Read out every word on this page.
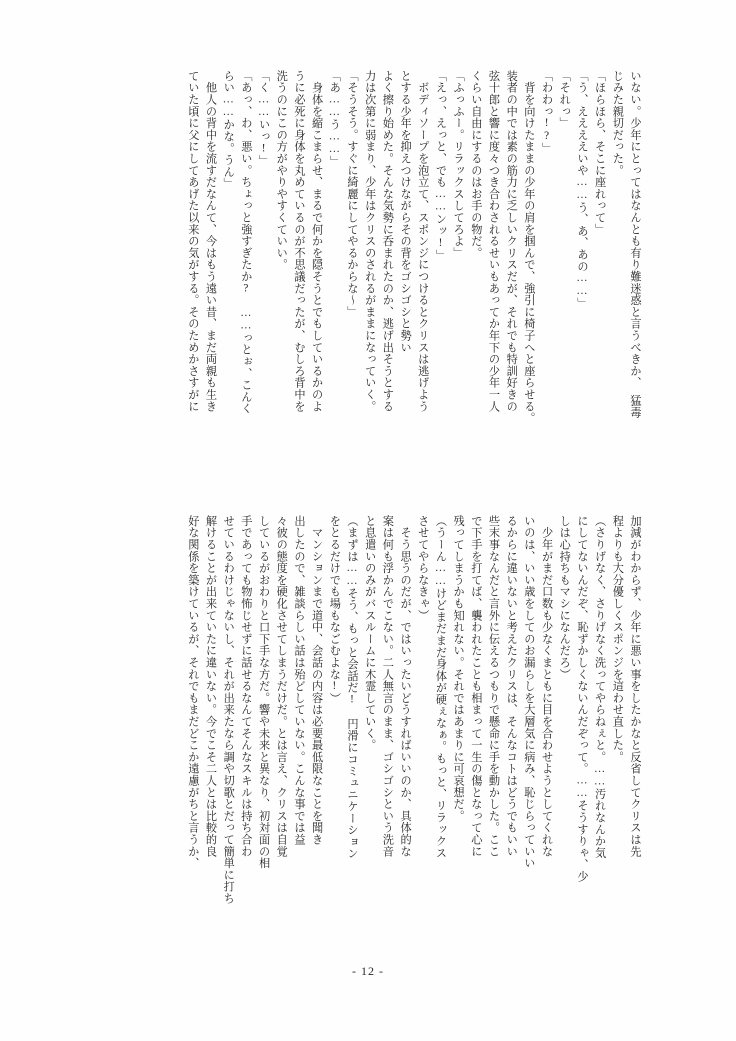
いない。少年にとってはなんとも有り難迷惑と言うべきか、　猛毒
じみた親切だった。
「ほらほら、そこに座れって」
「う、ええええいや……う、あ、あの……」
「それっ」
「わわっ!?」
　背を向けたままの少年の肩を掴んで、強引に椅子へと座らせる。
装者の中では素の筋力に乏しいクリスだが、それでも特訓好きの
弦十郎と響に度々つき合わされるせいもあってか年下の少年一人
くらい自由にするのはお手の物だ。
「ふっふー。リラックスしてろよ」
「えっ、えっと、でも……ンッ!」
　ボディソープを泡立て、スポンジにつけるとクリスは逃げよう
とする少年を抑えつけながらその背をゴシゴシと勢い
よく擦り始めた。そんな気勢に呑まれたのか、逃げ出そうとする
力は次第に弱まり、少年はクリスのされるがままになっていく。
「そうそう。すぐに綺麗にしてやるからな～」
「あ……う……」
　身体を縮こまらせ、まるで何かを隠そうとでもしているかのよ
うに必死に身体を丸めているのが不思議だったが、むしろ背中を
洗うのにこの方がやりやすくていい。
「く……いっ!」
「あっ、わ、悪い。ちょっと強すぎたか?　……っとぉ、こんく
らい……かな。うん」
　他人の背中を流すだなんて、今はもう遠い昔、まだ両親も生き
ていた頃に父にしてあげた以来の気がする。そのためかさすがに
加減がわからず、少年に悪い事をしたかなと反省してクリスは先
程よりも大分優しくスポンジを這わせ直した。
（さりげなく、さりげなく洗ってやらねぇと。……汚れなんか気
にしてないんだぞ、恥ずかしくないんだぞって。……そうすりゃ、少
しは心持ちもマシになんだろ）
　少年がまだ口数も少なくまともに目を合わせようとしてくれな
いのは、いい歳をしてのお漏らしを大層気に病み、恥じらっていい
るからに違いないと考えたクリスは、そんなコトはどうでもいい
些末事なんだと言外に伝えるつもりで懸命に手を動かした。ここ
で下手を打てば、襲われたことも相まって一生の傷となって心に
残ってしまうかも知れない。それではあまりに可哀想だ。
（うーん……けどまだまだ身体が硬ぇなぁ。もっと、リラックス
させてやらなきゃ）
　そう思うのだが、ではいったいどうすればいいのか、具体的な
案は何も浮かんでこない。二人無言のまま、ゴシゴシという洗音
と息遣いのみがバスルームに木霊していく。
（まずは……そう、もっと会話だ!　円滑にコミュニケーション
をとるだけでも場もなごむよな!）
　マンションまで道中、会話の内容は必要最低限なことを聞き
出したので、雑談らしい話は殆どしていない。こんな事では益
々彼の態度を硬化させてしまうだけだ。とは言え、クリスは自覚
しているがおわりと口下手な方だ。響や未来と異なり、初対面の相
手であっても物怖じせずに話せるなんてそんなスキルは持ち合わ
せているわけじゃないし、それが出来たなら調や切歌とだって簡単に打ち
解けることが出来ていたに違いない。今でこそ二人とは比較的良
好な関係を築けているが、それでもまだどこか遠慮がちと言うか、
- 12 -
